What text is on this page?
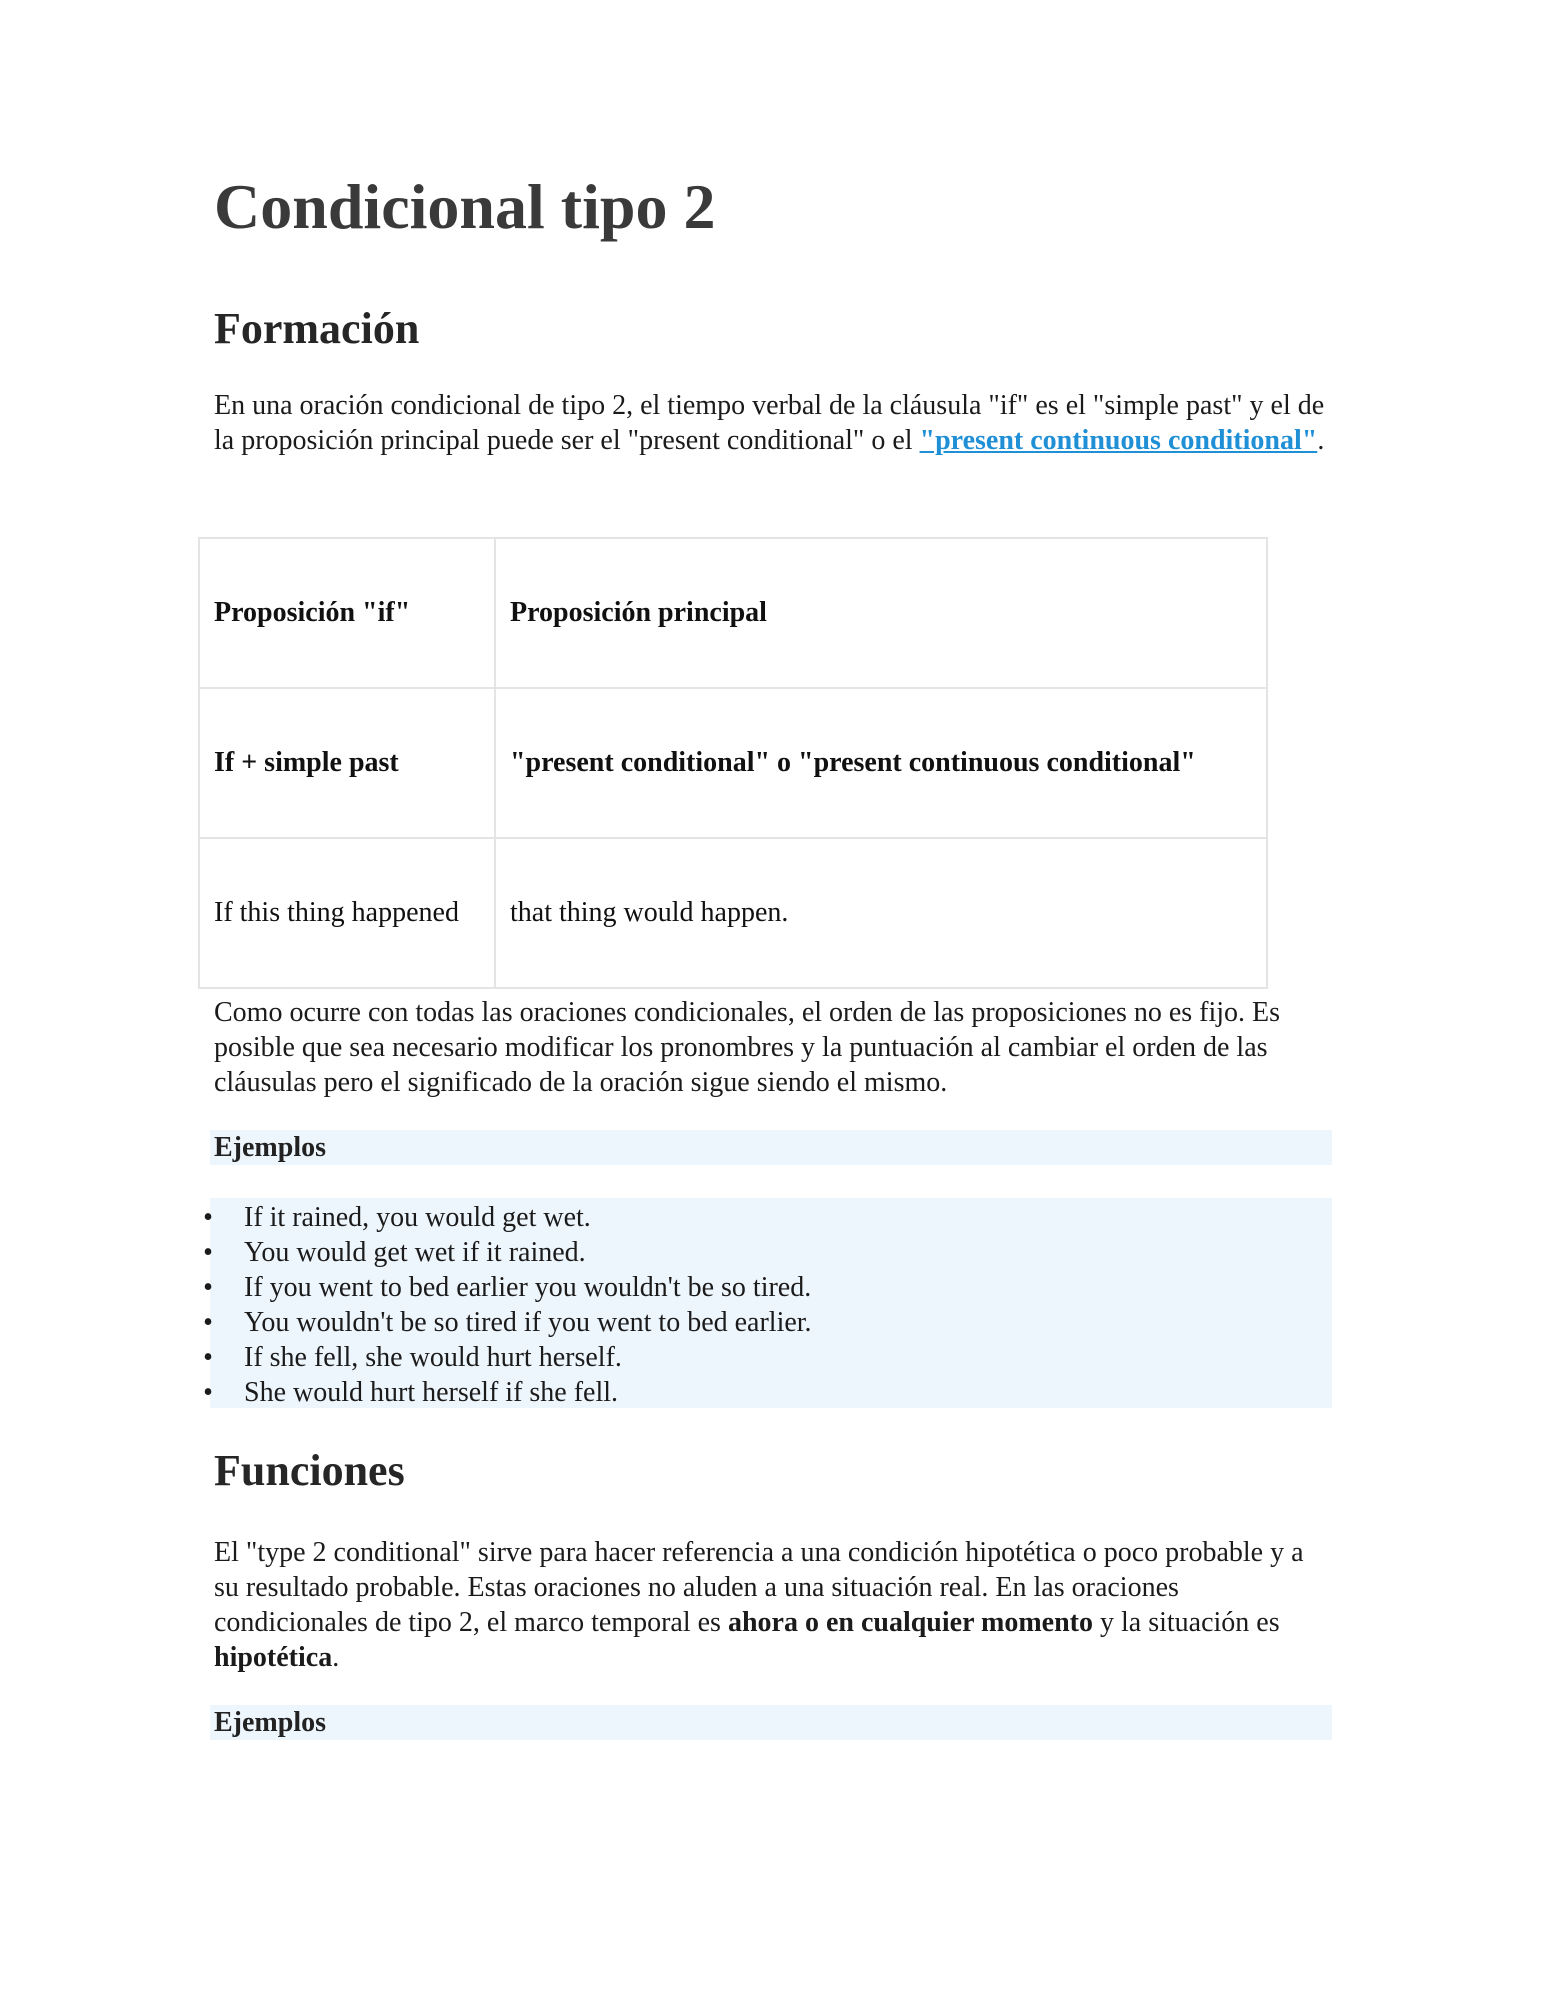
Condicional tipo 2
Formación

En una oración condicional de tipo 2, el tiempo verbal de la cláusula "if" es el "simple past" y el de la proposición principal puede ser el "present conditional" o el "present continuous conditional".

Proposición "if"	Proposición principal
If + simple past	"present conditional" o "present continuous conditional"
If this thing happened	that thing would happen.

Como ocurre con todas las oraciones condicionales, el orden de las proposiciones no es fijo. Es posible que sea necesario modificar los pronombres y la puntuación al cambiar el orden de las cláusulas pero el significado de la oración sigue siendo el mismo.

Ejemplos

• If it rained, you would get wet.
• You would get wet if it rained.
• If you went to bed earlier you wouldn't be so tired.
• You wouldn't be so tired if you went to bed earlier.
• If she fell, she would hurt herself.
• She would hurt herself if she fell.
Funciones

El "type 2 conditional" sirve para hacer referencia a una condición hipotética o poco probable y a su resultado probable. Estas oraciones no aluden a una situación real. En las oraciones condicionales de tipo 2, el marco temporal es ahora o en cualquier momento y la situación es hipotética.

Ejemplos
